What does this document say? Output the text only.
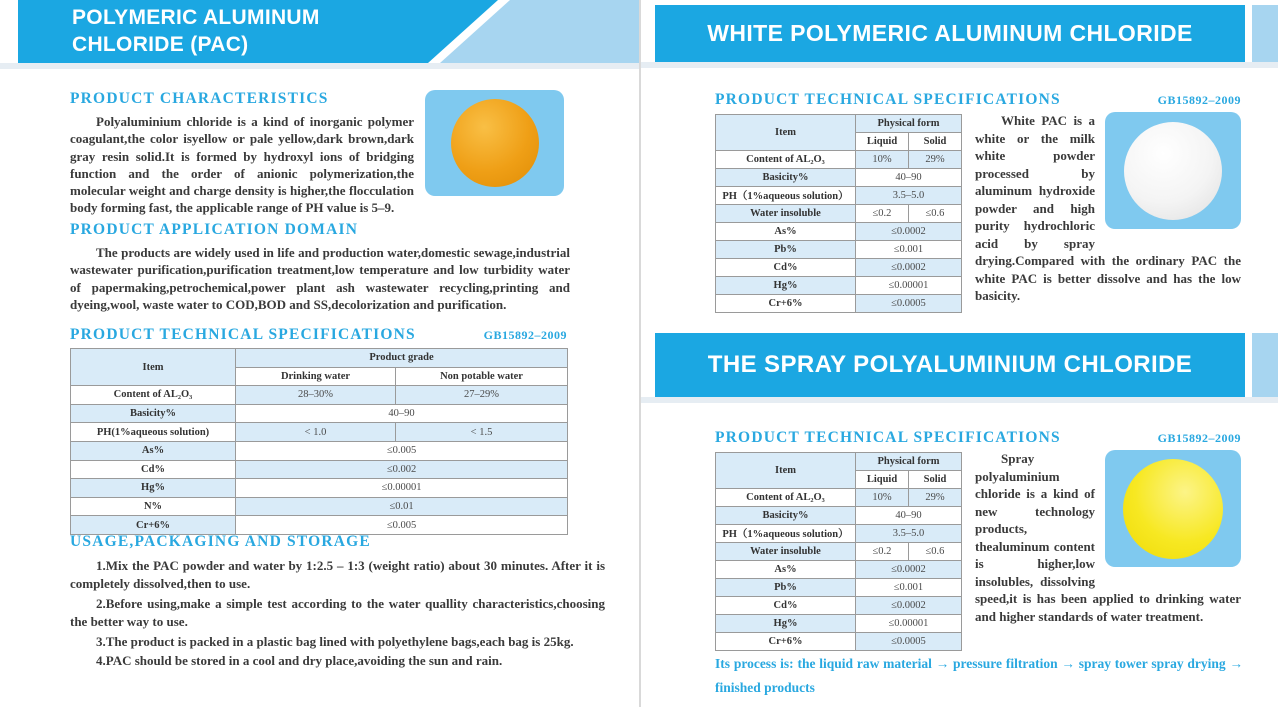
POLYMERIC ALUMINUM
CHLORIDE (PAC)
PRODUCT CHARACTERISTICS
Polyaluminium chloride is a kind of inorganic polymer coagulant,the color isyellow or pale yellow,dark brown,dark gray resin solid.It is formed by hydroxyl ions of bridging function and the order of anionic polymerization,the molecular weight and charge density is higher,the flocculation body forming fast, the applicable range of PH value is 5–9.
PRODUCT APPLICATION DOMAIN
The products are widely used in life and production water,domestic sewage,industrial wastewater purification,purification treatment,low temperature and low turbidity water of papermaking,petrochemical,power plant ash wastewater recycling,printing and dyeing,wool, waste water to COD,BOD and SS,decolorization and purification.
PRODUCT TECHNICAL SPECIFICATIONS	GB15892–2009
Item	Product grade	
	Drinking water	Non potable water
Content of AL₂O₃	28–30%	27–29%
Basicity%	40–90	
PH(1%aqueous solution)	< 1.0	< 1.5
As%	≤0.005	
Cd%	≤0.002	
Hg%	≤0.00001	
N%	≤0.01	
Cr+6%	≤0.005	
USAGE,PACKAGING AND STORAGE
1.Mix the PAC powder and water by 1:2.5 – 1:3 (weight ratio) about 30 minutes. After it is completely dissolved,then to use.
2.Before using,make a simple test according to the water quallity characteristics,choosing the better way to use.
3.The product is packed in a plastic bag lined with polyethylene bags,each bag is 25kg.
4.PAC should be stored in a cool and dry place,avoiding the sun and rain.
WHITE POLYMERIC ALUMINUM CHLORIDE
PRODUCT TECHNICAL SPECIFICATIONS	GB15892–2009
Item	Physical form	
	Liquid	Solid
Content of AL₂O₃	10%	29%
Basicity%	40–90	
PH（1%aqueous solution）	3.5–5.0	
Water insoluble	≤0.2	≤0.6
As%	≤0.0002	
Pb%	≤0.001	
Cd%	≤0.0002	
Hg%	≤0.00001	
Cr+6%	≤0.0005	
White PAC is a white or the milk white powder processed by aluminum hydroxide powder and high purity hydrochloric acid by spray drying.Compared with the ordinary PAC the white PAC is better dissolve and has the low basicity.
THE SPRAY POLYALUMINIUM CHLORIDE
PRODUCT TECHNICAL SPECIFICATIONS	GB15892–2009
Item	Physical form	
	Liquid	Solid
Content of AL₂O₃	10%	29%
Basicity%	40–90	
PH（1%aqueous solution）	3.5–5.0	
Water insoluble	≤0.2	≤0.6
As%	≤0.0002	
Pb%	≤0.001	
Cd%	≤0.0002	
Hg%	≤0.00001	
Cr+6%	≤0.0005	
Spray polyaluminium chloride is a kind of new technology products, thealuminum content is higher,low insolubles, dissolving speed,it is has been applied to drinking water and higher standards of water treatment.
Its process is: the liquid raw material → pressure filtration → spray tower spray drying → finished products
